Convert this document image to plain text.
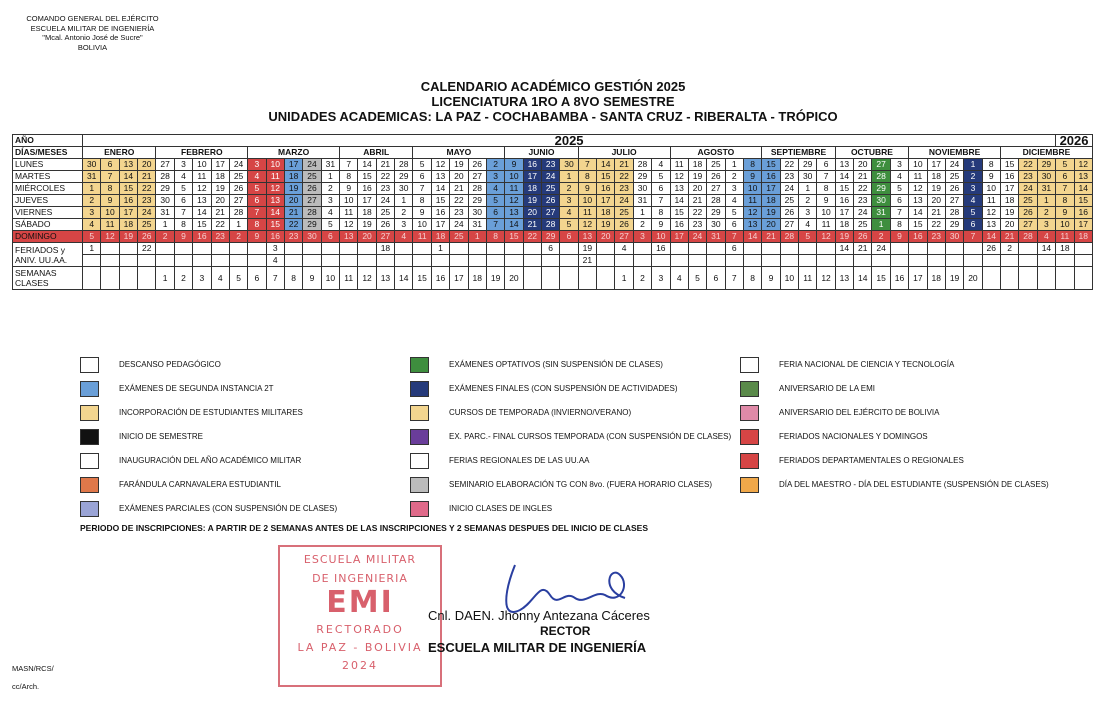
COMANDO GENERAL DEL EJÉRCITO
ESCUELA MILITAR DE INGENIERÍA
"Mcal. Antonio José de Sucre"
BOLIVIA
CALENDARIO ACADÉMICO GESTIÓN 2025
LICENCIATURA 1RO A 8VO SEMESTRE
UNIDADES ACADEMICAS: LA PAZ - COCHABAMBA - SANTA CRUZ - RIBERALTA - TRÓPICO
AÑO	2025																																																					2026		
DÍAS/MESES	ENERO				FEBRERO					MARZO					ABRIL				MAYO					JUNIO				JULIO					AGOSTO					SEPTIEMBRE				OCTUBRE				NOVIEMBRE					DICIEMBRE	
LUNES	30	6	13	20	27	3	10	17	24	3	10	17	24	31	7	14	21	28	5	12	19	26	2	9	16	23	30	7	14	21	28	4	11	18	25	1	8	15	22	29	6	13	20	27	3	10	17	24	1	8	15	22	29	5	12	
MARTES	31	7	14	21	28	4	11	18	25	4	11	18	25	1	8	15	22	29	6	13	20	27	3	10	17	24	1	8	15	22	29	5	12	19	26	2	9	16	23	30	7	14	21	28	4	11	18	25	2	9	16	23	30	6	13	
MIÉRCOLES	1	8	15	22	29	5	12	19	26	5	12	19	26	2	9	16	23	30	7	14	21	28	4	11	18	25	2	9	16	23	30	6	13	20	27	3	10	17	24	1	8	15	22	29	5	12	19	26	3	10	17	24	31	7	14	
JUEVES	2	9	16	23	30	6	13	20	27	6	13	20	27	3	10	17	24	1	8	15	22	29	5	12	19	26	3	10	17	24	31	7	14	21	28	4	11	18	25	2	9	16	23	30	6	13	20	27	4	11	18	25	1	8	15	
VIERNES	3	10	17	24	31	7	14	21	28	7	14	21	28	4	11	18	25	2	9	16	23	30	6	13	20	27	4	11	18	25	1	8	15	22	29	5	12	19	26	3	10	17	24	31	7	14	21	28	5	12	19	26	2	9	16	
SÁBADO	4	11	18	25	1	8	15	22	1	8	15	22	29	5	12	19	26	3	10	17	24	31	7	14	21	28	5	12	19	26	2	9	16	23	30	6	13	20	27	4	11	18	25	1	8	15	22	29	6	13	20	27	3	10	17	
DOMINGO	5	12	19	26	2	9	16	23	2	9	16	23	30	6	13	20	27	4	11	18	25	1	8	15	22	29	6	13	20	27	3	10	17	24	31	7	14	21	28	5	12	19	26	2	9	16	23	30	7	14	21	28	4	11	18	
FERIADOS y ANIV. UU.AA.	1			22							3						18			1						6		19		4		16				6						14	21	24						26	2		14	18		
											4																	21																												
SEMANAS CLASES					1	2	3	4	5	6	7	8	9	10	11	12	13	14	15	16	17	18	19	20						1	2	3	4	5	6	7	8	9	10	11	12	13	14	15	16	17	18	19	20							
DESCANSO PEDAGÓGICO
EXÁMENES DE SEGUNDA INSTANCIA 2T
INCORPORACIÓN DE ESTUDIANTES MILITARES
INICIO DE SEMESTRE
INAUGURACIÓN DEL AÑO ACADÉMICO MILITAR
FARÁNDULA CARNAVALERA ESTUDIANTIL
EXÁMENES PARCIALES (CON SUSPENSIÓN DE CLASES)
EXÁMENES OPTATIVOS (SIN SUSPENSIÓN DE CLASES)
EXÁMENES FINALES (CON SUSPENSIÓN DE ACTIVIDADES)
CURSOS DE TEMPORADA (INVIERNO/VERANO)
EX. PARC.- FINAL CURSOS TEMPORADA (CON SUSPENSIÓN DE CLASES)
FERIAS REGIONALES DE LAS UU.AA
SEMINARIO ELABORACIÓN TG CON 8vo. (FUERA HORARIO CLASES)
INICIO CLASES DE INGLES
FERIA NACIONAL DE CIENCIA Y TECNOLOGÍA
ANIVERSARIO DE LA EMI
ANIVERSARIO DEL EJÉRCITO DE BOLIVIA
FERIADOS NACIONALES Y DOMINGOS
FERIADOS DEPARTAMENTALES O REGIONALES
DÍA DEL MAESTRO - DÍA DEL ESTUDIANTE (SUSPENSIÓN DE CLASES)
PERIODO DE INSCRIPCIONES: A PARTIR DE 2 SEMANAS ANTES DE LAS INSCRIPCIONES Y 2 SEMANAS DESPUES DEL INICIO DE CLASES
ESCUELA MILITAR
DE INGENIERIA
EMI
RECTORADO
LA PAZ - BOLIVIA
2024
Cnl. DAEN. Jhonny Antezana Cáceres
RECTOR
ESCUELA MILITAR DE INGENIERÍA
MASN/RCS/
cc/Arch.
